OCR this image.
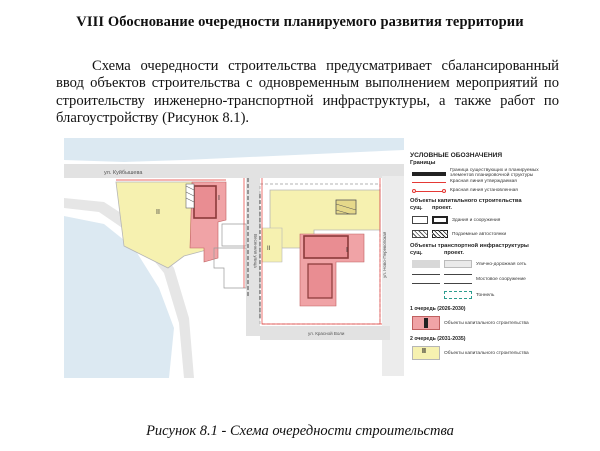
VIII Обоснование очередности планируемого развития территории
Схема очередности строительства предусматривает сбалансированный ввод объектов строительства с одновременным выполнением мероприятий по строительству инженерно-транспортной инфраструктуры, а также работ по благоустройству (Рисунок 8.1).
II
I
II	I
ул. Куйбышева
Весенняя улица	ул. Ново-Перекопская
ул. Красной Воли
УСЛОВНЫЕ ОБОЗНАЧЕНИЯ
Границы
Граница существующих и планируемых элементов планировочной структуры
Красная линия утверждаемая
Красная линия установленная
Объекты капитального строительства
сущ. проект.
Здания и сооружения
Подземные автостоянки
Объекты транспортной инфраструктуры
сущ.	проект.
Улично-дорожная сеть
Мостовое сооружение
Тоннель
1 очередь (2026-2030)
Объекты капитального строительства
2 очередь (2031-2035)
II	Объекты капитального строительства
Рисунок 8.1 - Схема очередности строительства
